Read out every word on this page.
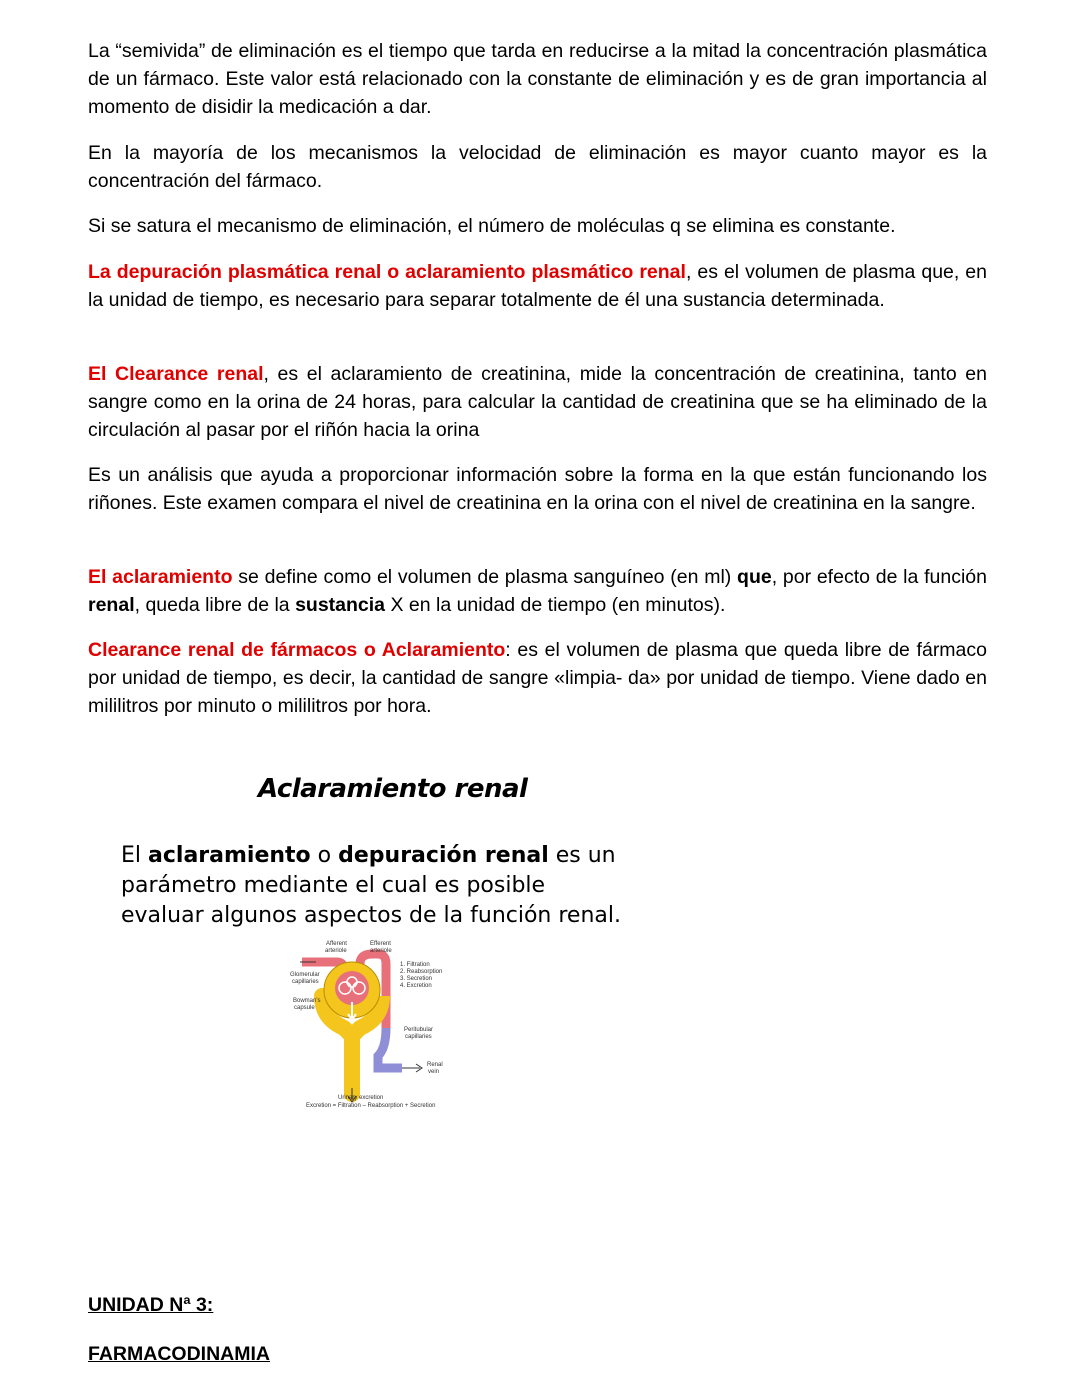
La “semivida” de eliminación es el tiempo que tarda en reducirse a la mitad la concentración plasmática de un fármaco. Este valor está relacionado con la constante de eliminación y es de gran importancia al momento de disidir la medicación a dar.

En la mayoría de los mecanismos la velocidad de eliminación es mayor cuanto mayor es la concentración del fármaco.

Si se satura el mecanismo de eliminación, el número de moléculas q se elimina es constante.

La depuración plasmática renal o aclaramiento plasmático renal, es el volumen de plasma que, en la unidad de tiempo, es necesario para separar totalmente de él una sustancia determinada.

El Clearance renal, es el aclaramiento de creatinina, mide la concentración de creatinina, tanto en sangre como en la orina de 24 horas, para calcular la cantidad de creatinina que se ha eliminado de la circulación al pasar por el riñón hacia la orina

Es un análisis que ayuda a proporcionar información sobre la forma en la que están funcionando los riñones. Este examen compara el nivel de creatinina en la orina con el nivel de creatinina en la sangre.

El aclaramiento se define como el volumen de plasma sanguíneo (en ml) que, por efecto de la función renal, queda libre de la sustancia X en la unidad de tiempo (en minutos).

Clearance renal de fármacos o Aclaramiento: es el volumen de plasma que queda libre de fármaco por unidad de tiempo, es decir, la cantidad de sangre «limpia- da» por unidad de tiempo. Viene dado en mililitros por minuto o mililitros por hora.

Aclaramiento renal
El aclaramiento o depuración renal es un parámetro mediante el cual es posible evaluar algunos aspectos de la función renal.
Afferent
arteriole
Efferent
arteriole
Glomerular
capillaries
Bowman's
capsule
1. Filtration
2. Reabsorption
3. Secretion
4. Excretion
Peritubular
capillaries
Renal
vein
Urinary excretion
Excretion = Filtration – Reabsorption + Secretion
UNIDAD Nª 3:
FARMACODINAMIA
